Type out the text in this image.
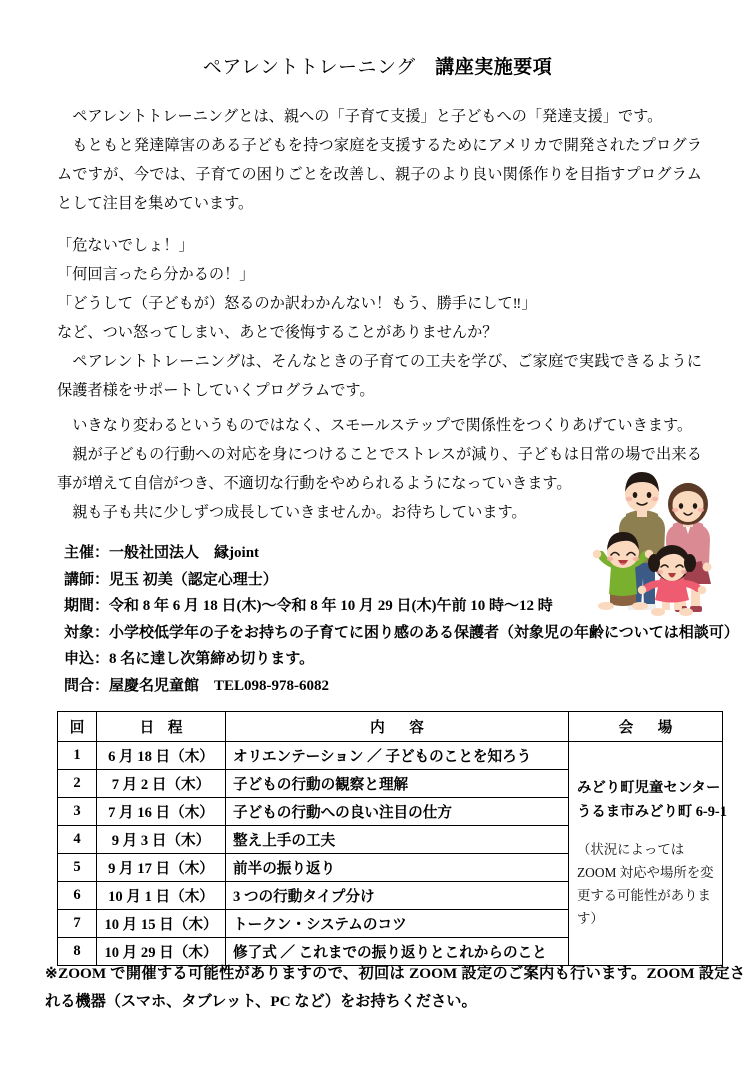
ペアレントトレーニング　 講座実施要項

ペアレントトレーニングとは、親への「子育て支援」と子どもへの「発達支援」です。

もともと発達障害のある子どもを持つ家庭を支援するためにアメリカで開発されたプログラムですが、今では、子育ての困りごとを改善し、親子のより良い関係作りを目指すプログラムとして注目を集めています。

「危ないでしょ！」

「何回言ったら分かるの！」

「どうして（子どもが）怒るのか訳わかんない！もう、勝手にして‼」

など、つい怒ってしまい、あとで後悔することがありませんか？

ペアレントトレーニングは、そんなときの子育ての工夫を学び、ご家庭で実践できるように保護者様をサポートしていくプログラムです。

いきなり変わるというものではなく、スモールステップで関係性をつくりあげていきます。

親が子どもの行動への対応を身につけることでストレスが減り、子どもは日常の場で出来る事が増えて自信がつき、不適切な行動をやめられるようになっていきます。

親も子も共に少しずつ成長していきませんか。お待ちしています。

主催：一般社団法人　縁joint

講師：児玉 初美（認定心理士）

期間：令和 8 年 6 月 18 日(木)〜令和 8 年 10 月 29 日(木)午前 10 時〜12 時

対象：小学校低学年の子をお持ちの子育てに困り感のある保護者（対象児の年齢については相談可）

申込：8 名に達し次第締め切ります。

問合：屋慶名児童館　TEL098-978-6082

回	日 程	内　容	会　場
1	6 月 18 日（木）	オリエンテーション ／ 子どものことを知ろう	みどり町児童センター
うるま市みどり町 6-9-1
（状況によっては ZOOM 対応や場所を変更する可能性があります）

2	7 月 2 日（木）	子どもの行動の観察と理解	
3	7 月 16 日（木）	子どもの行動への良い注目の仕方	
4	9 月 3 日（木）	整え上手の工夫	
5	9 月 17 日（木）	前半の振り返り	
6	10 月 1 日（木）	3 つの行動タイプ分け	
7	10 月 15 日（木）	トークン・システムのコツ	
8	10 月 29 日（木）	修了式 ／ これまでの振り返りとこれからのこと	
※ZOOM で開催する可能性がありますので、初回は ZOOM 設定のご案内も行います。ZOOM 設定される機器（スマホ、タブレット、PC など）をお持ちください。
